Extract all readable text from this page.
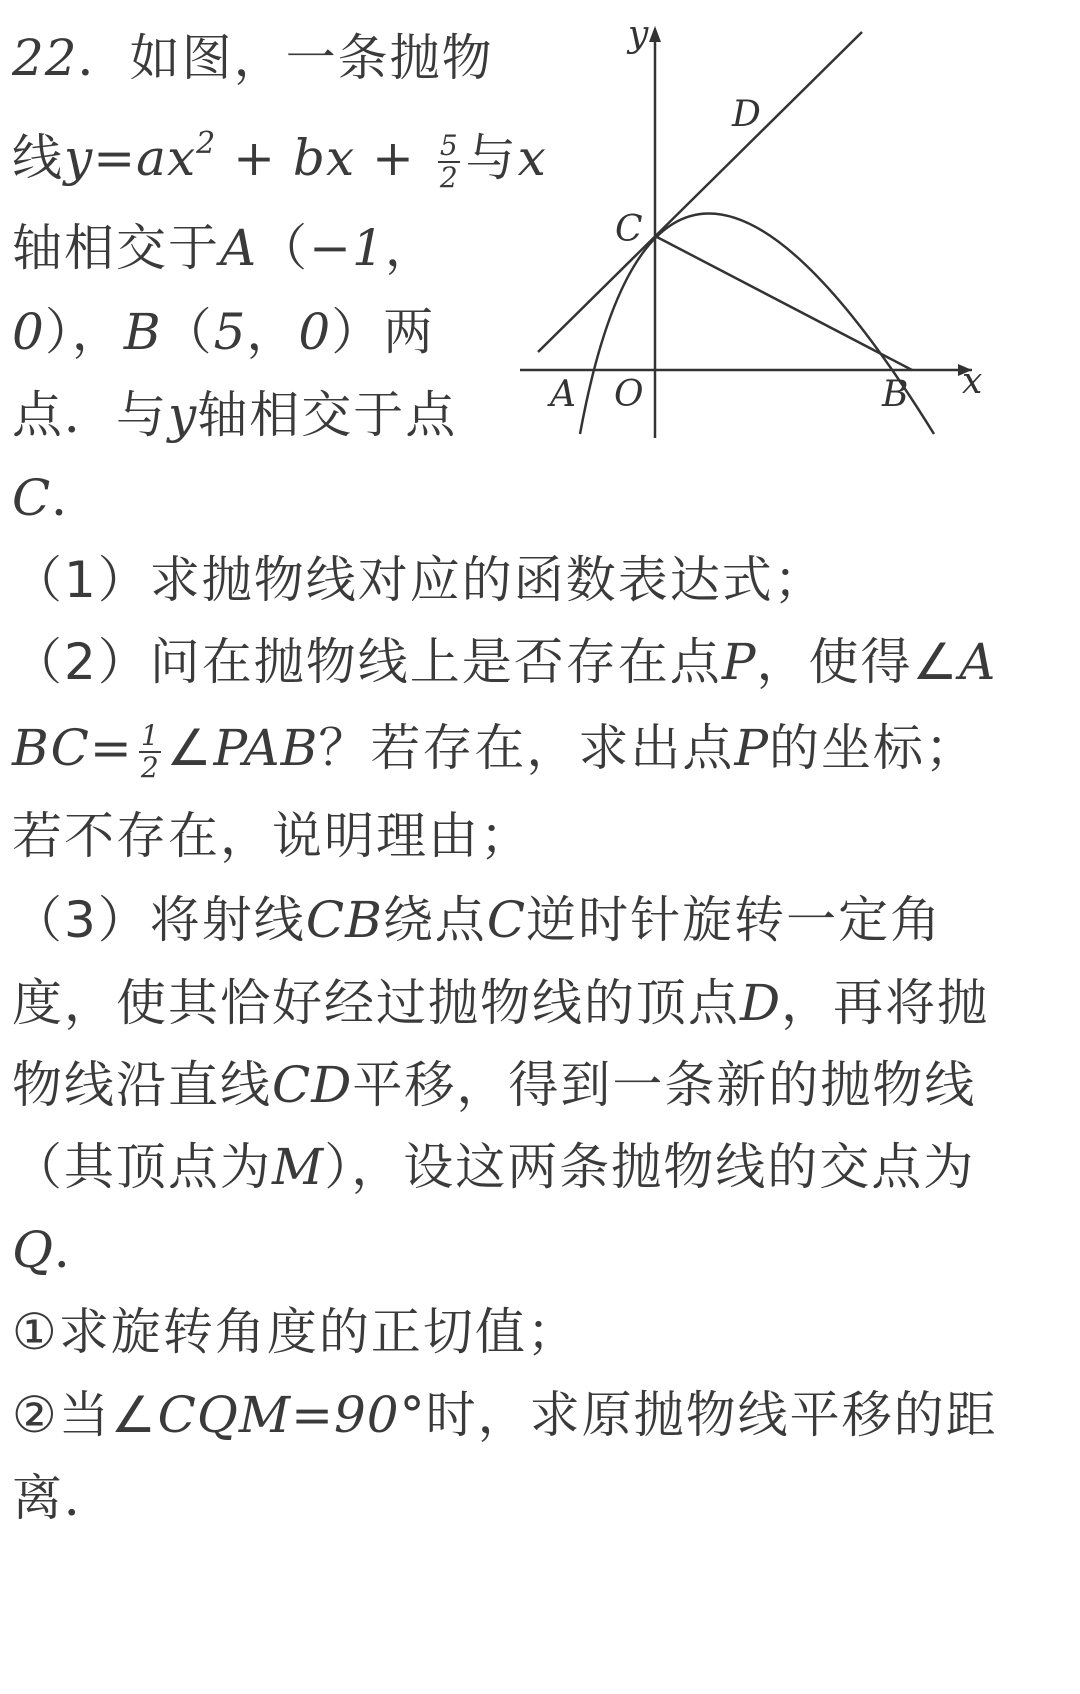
22．如图，一条抛物
线$y=ax^2$ + bx + $\frac{5}{2}$ 与x
轴相交于A（−1，
0），B（5，0）两
点．与y轴相交于点
C．
（1）求抛物线对应的函数表达式；
（2）问在抛物线上是否存在点P，使得∠A
$BC= \frac{1}{2}$ ∠PAB？若存在，求出点P的坐标；
若不存在，说明理由；
（3）将射线CB绕点C逆时针旋转一定角
度，使其恰好经过抛物线的顶点D，再将抛
物线沿直线CD平移，得到一条新的抛物线
（其顶点为M），设这两条抛物线的交点为
Q．
①求旋转角度的正切值；
②当∠CQM=90°时，求原抛物线平移的距
离．
y
x
D
C
A O	B
